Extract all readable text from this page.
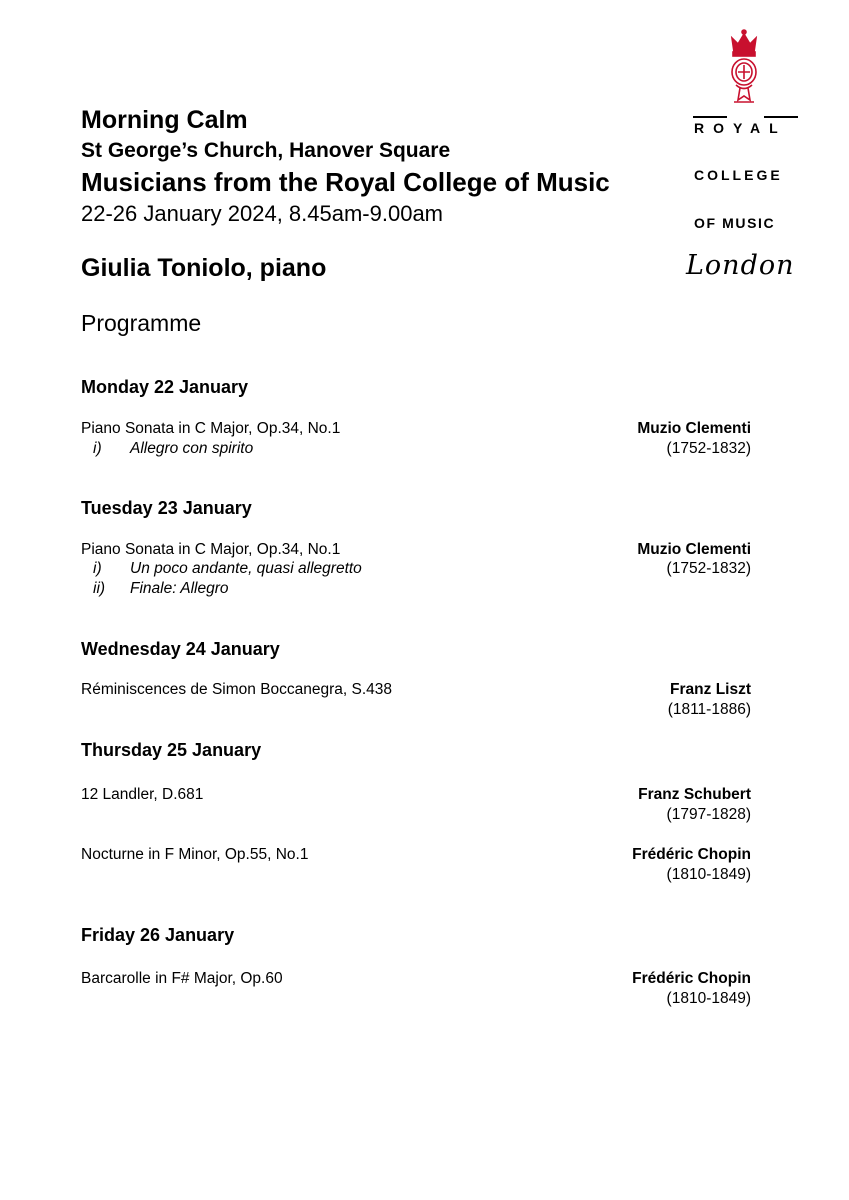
Morning Calm
St George’s Church, Hanover Square
Musicians from the Royal College of Music
22-26 January 2024, 8.45am-9.00am
Giulia Toniolo, piano
Programme
ROYAL
COLLEGE
OF MUSIC
London
Monday 22 January
Piano Sonata in C Major, Op.34, No.1	Muzio Clementi
i) Allegro con spirito	(1752-1832)
Tuesday 23 January
Piano Sonata in C Major, Op.34, No.1	Muzio Clementi
i) Un poco andante, quasi allegretto	(1752-1832)
ii) Finale: Allegro
Wednesday 24 January
Réminiscences de Simon Boccanegra, S.438	Franz Liszt
(1811-1886)
Thursday 25 January
12 Landler, D.681	Franz Schubert
(1797-1828)
Nocturne in F Minor, Op.55, No.1	Frédéric Chopin
(1810-1849)
Friday 26 January
Barcarolle in F# Major, Op.60	Frédéric Chopin
(1810-1849)
